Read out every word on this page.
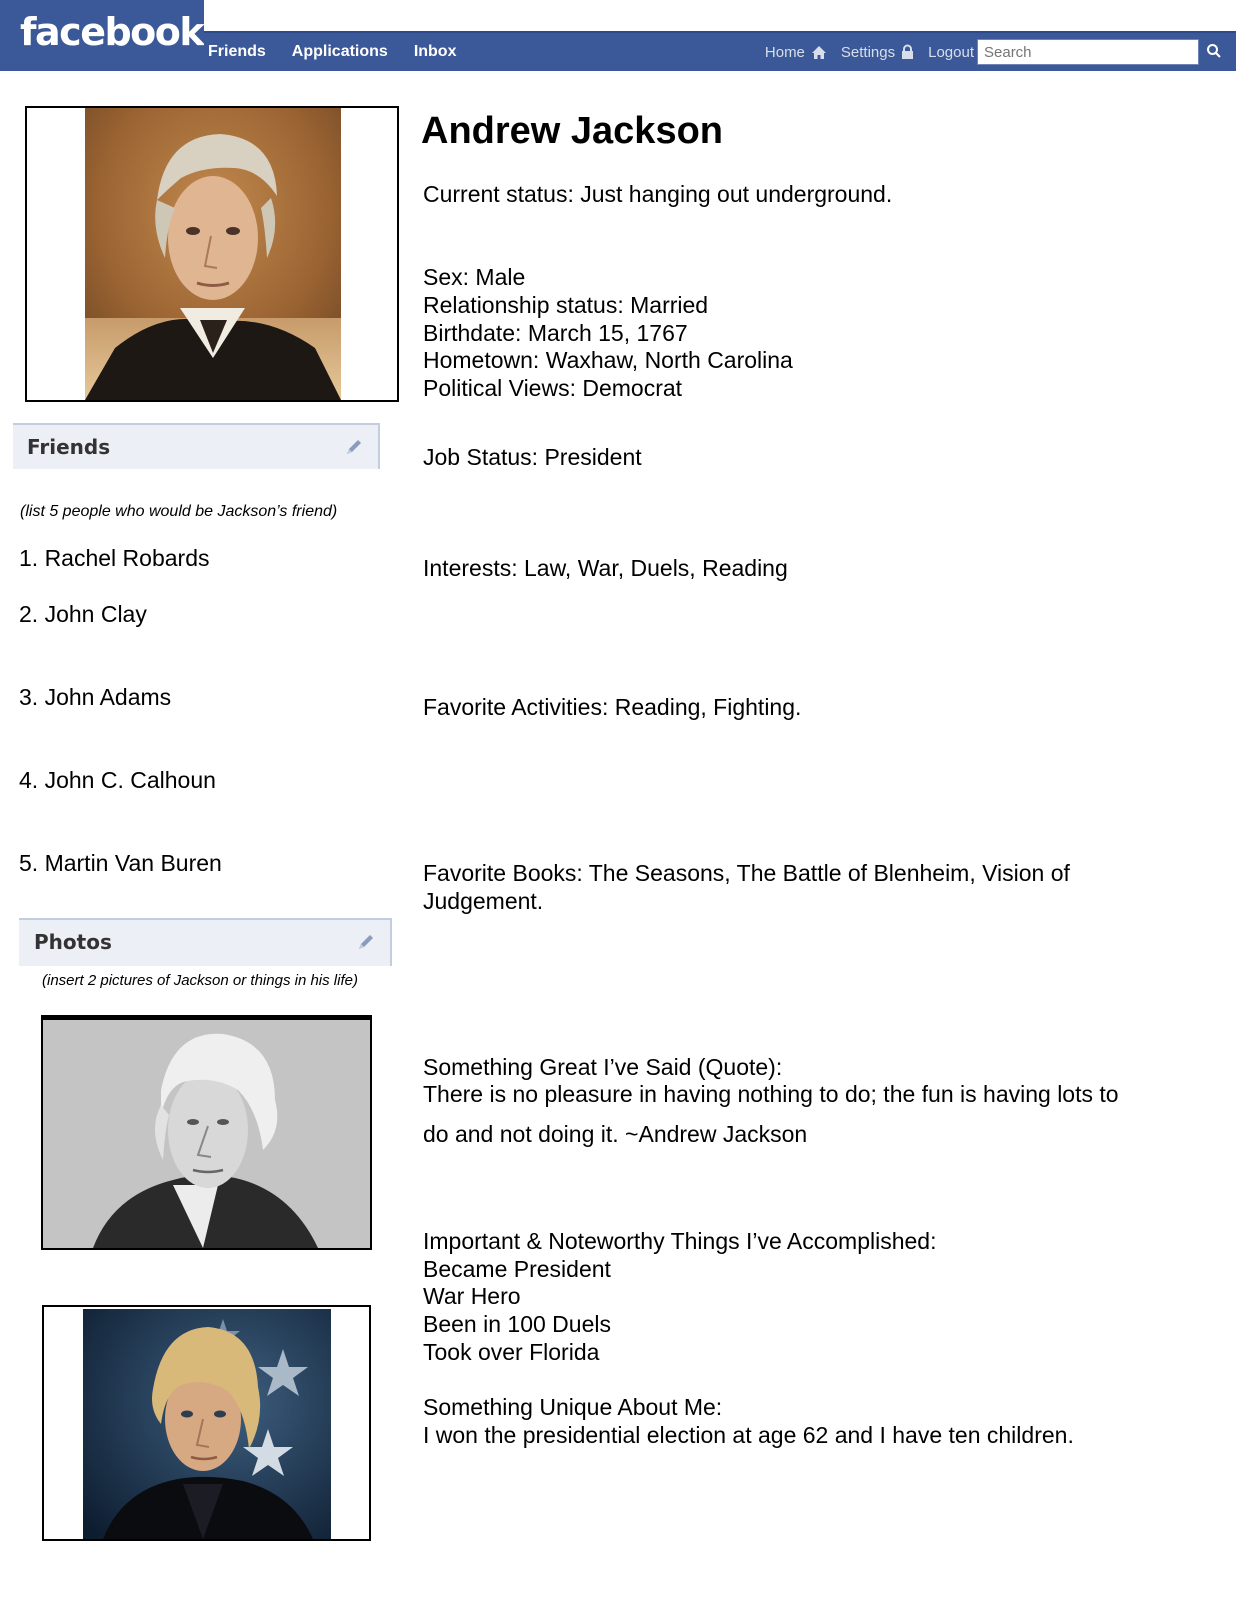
facebook Friends Applications Inbox	Home Settings Logout
Search
Friends
(list 5 people who would be Jackson’s friend)
1. Rachel Robards
2. John Clay
3. John Adams
4. John C. Calhoun
5. Martin Van Buren
Photos
(insert 2 pictures of Jackson or things in his life)
Andrew Jackson
Current status: Just hanging out underground.
Sex: Male
Relationship status: Married
Birthdate: March 15, 1767
Hometown: Waxhaw, North Carolina
Political Views: Democrat
Job Status: President
Interests: Law, War, Duels, Reading
Favorite Activities: Reading, Fighting.
Favorite Books: The Seasons, The Battle of Blenheim, Vision of
Judgement.
Something Great I’ve Said (Quote):
There is no pleasure in having nothing to do; the fun is having lots to
do and not doing it. ~Andrew Jackson
Important & Noteworthy Things I’ve Accomplished:
Became President
War Hero
Been in 100 Duels
Took over Florida
Something Unique About Me:
I won the presidential election at age 62 and I have ten children.
